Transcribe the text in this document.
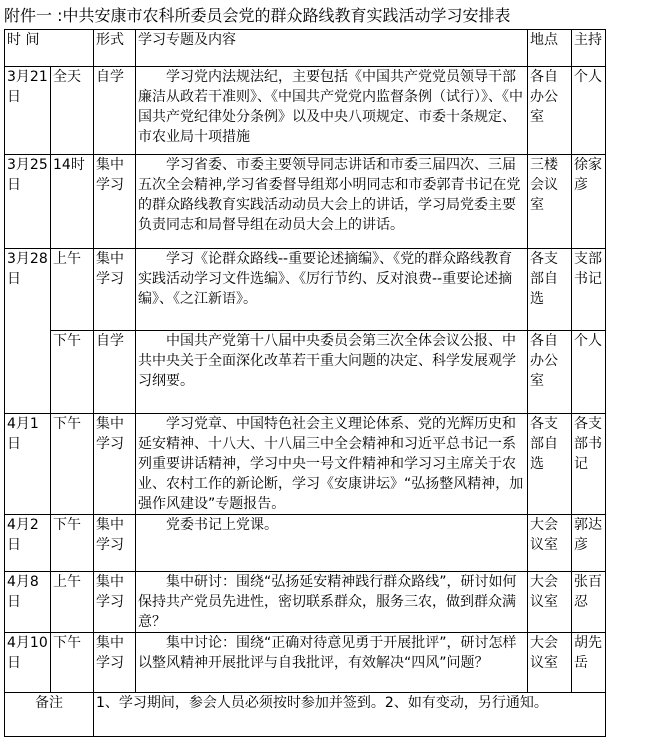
附件一 :中共安康市农科所委员会党的群众路线教育实践活动学习安排表
时 间		形式	学习专题及内容	地点	主持
3月21日	全天	自学	学习党内法规法纪，主要包括《中国共产党党员领导干部廉洁从政若干准则》、《中国共产党党内监督条例（试行）》、《中国共产党纪律处分条例》以及中央八项规定、市委十条规定、市农业局十项措施	各自办公室	个人
3月25日	14时	集中学习	学习省委、市委主要领导同志讲话和市委三届四次、三届五次全会精神,学习省委督导组郑小明同志和市委郭青书记在党的群众路线教育实践活动动员大会上的讲话，学习局党委主要负责同志和局督导组在动员大会上的讲话。	三楼会议室	徐家彦
3月28日	上午	集中学习	学习《论群众路线--重要论述摘编》、《党的群众路线教育实践活动学习文件选编》、《厉行节约、反对浪费--重要论述摘编》、《之江新语》。	各支部自选	支部书记
	下午	自学	中国共产党第十八届中央委员会第三次全体会议公报、中共中央关于全面深化改革若干重大问题的决定、科学发展观学习纲要。	各自办公室	个人
4月1日	下午	集中学习	学习党章、中国特色社会主义理论体系、党的光辉历史和延安精神、十八大、十八届三中全会精神和习近平总书记一系列重要讲话精神，学习中央一号文件精神和学习习主席关于农业、农村工作的新论断，学习《安康讲坛》“弘扬整风精神，加强作风建设”专题报告。	各支部自选	各支部书记
4月2日	下午	集中学习	党委书记上党课。	大会议室	郭达彦
4月8日	上午	集中学习	集中研讨：围绕“弘扬延安精神践行群众路线”，研讨如何保持共产党员先进性，密切联系群众，服务三农，做到群众满意？	大会议室	张百忍
4月10日	下午	集中学习	集中讨论：围绕“正确对待意见勇于开展批评”，研讨怎样以整风精神开展批评与自我批评，有效解决“四风”问题？	大会议室	胡先岳
备注		1、学习期间，参会人员必须按时参加并签到。2、如有变动，另行通知。			
